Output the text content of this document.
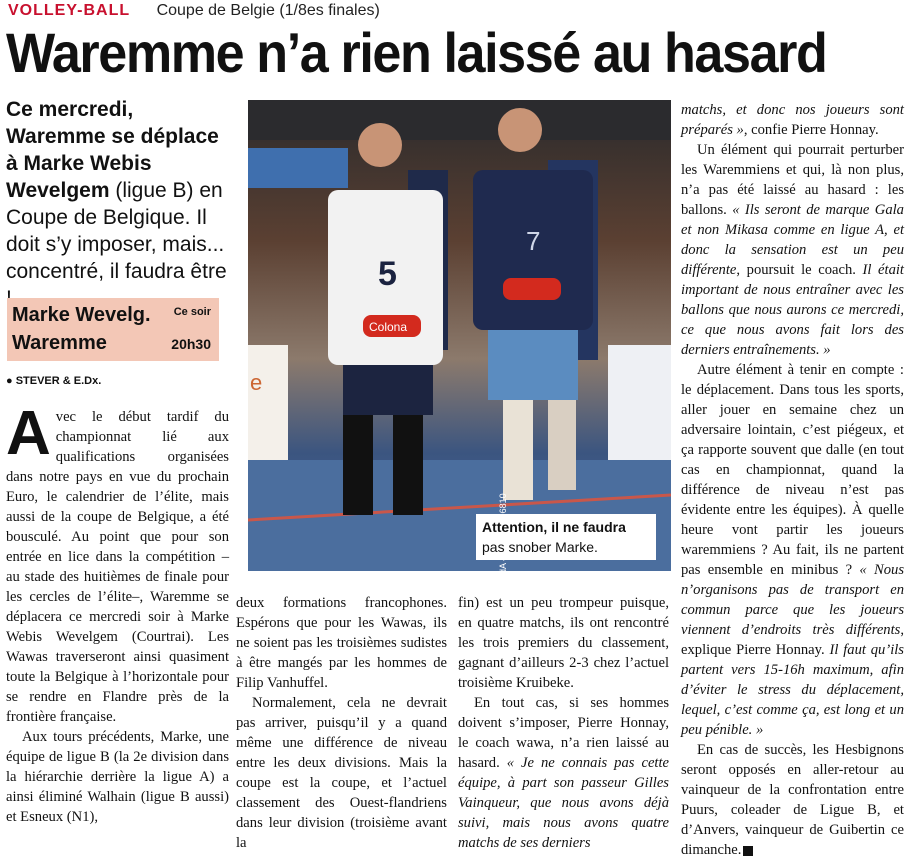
VOLLEY-BALL Coupe de Belgie (1/8es finales)
Waremme n’a rien laissé au hasard
Ce mercredi, Waremme se déplace à Marke Webis Wevelgem (ligue B) en Coupe de Belgique. Il doit s’y imposer, mais... concentré, il faudra être
Marke Wevelg. Ce soir
Waremme	20h30
● STEVER & E.Dx.

Avec le début tardif du championnat lié aux qualifications organisées dans notre pays en vue du prochain Euro, le calendrier de l’élite, mais aussi de la coupe de Belgique, a été bousculé. Au point que pour son entrée en lice dans la compétition – au stade des huitièmes de finale pour les cercles de l’élite–, Waremme se déplacera ce mercredi soir à Marke Webis Wevelgem (Courtrai). Les Wawas traverseront ainsi quasiment toute la Belgique à l’horizontale pour se rendre en Flandre près de la frontière française.

Aux tours précédents, Marke, une équipe de ligue B (la 2e division dans la hiérarchie derrière la ligue A) a ainsi éliminé Walhain (ligue B aussi) et Esneux (N1),

e
5
Colona
7
Attention, il ne faudra pas snober Marke.

deux formations francophones. Espérons que pour les Wawas, ils ne soient pas les troisièmes sudistes à être mangés par les hommes de Filip Vanhuffel.

Normalement, cela ne devrait pas arriver, puisqu’il y a quand même une différence de niveau entre les deux divisions. Mais la coupe est la coupe, et l’actuel classement des Ouest-flandriens dans leur division (troisième avant la

fin) est un peu trompeur puisque, en quatre matchs, ils ont rencontré les trois premiers du classement, gagnant d’ailleurs 2-3 chez l’actuel troisième Kruibeke.

En tout cas, si ses hommes doivent s’imposer, Pierre Honnay, le coach wawa, n’a rien laissé au hasard. « Je ne connais pas cette équipe, à part son passeur Gilles Vainqueur, que nous avons déjà suivi, mais nous avons quatre matchs de ses derniers

matchs, et donc nos joueurs sont préparés », confie Pierre Honnay.

Un élément qui pourrait perturber les Waremmiens et qui, là non plus, n’a pas été laissé au hasard : les ballons. « Ils seront de marque Gala et non Mikasa comme en ligue A, et donc la sensation est un peu différente, poursuit le coach. Il était important de nous entraîner avec les ballons que nous aurons ce mercredi, ce que nous avons fait lors des derniers entraînements. »

Autre élément à tenir en compte : le déplacement. Dans tous les sports, aller jouer en semaine chez un adversaire lointain, c’est piégeux, et ça rapporte souvent que dalle (en tout cas en championnat, quand la différence de niveau n’est pas évidente entre les équipes). À quelle heure vont partir les joueurs waremmiens ? Au fait, ils ne partent pas ensemble en minibus ? « Nous n’organisons pas de transport en commun parce que les joueurs viennent d’endroits très différents, explique Pierre Honnay. Il faut qu’ils partent vers 15-16h maximum, afin d’éviter le stress du déplacement, lequel, c’est comme ça, est long et un peu pénible. »

En cas de succès, les Hesbignons seront opposés en aller-retour au vainqueur de la confrontation entre Puurs, coleader de Ligue B, et d’Anvers, vainqueur de Guibertin ce dimanche.
